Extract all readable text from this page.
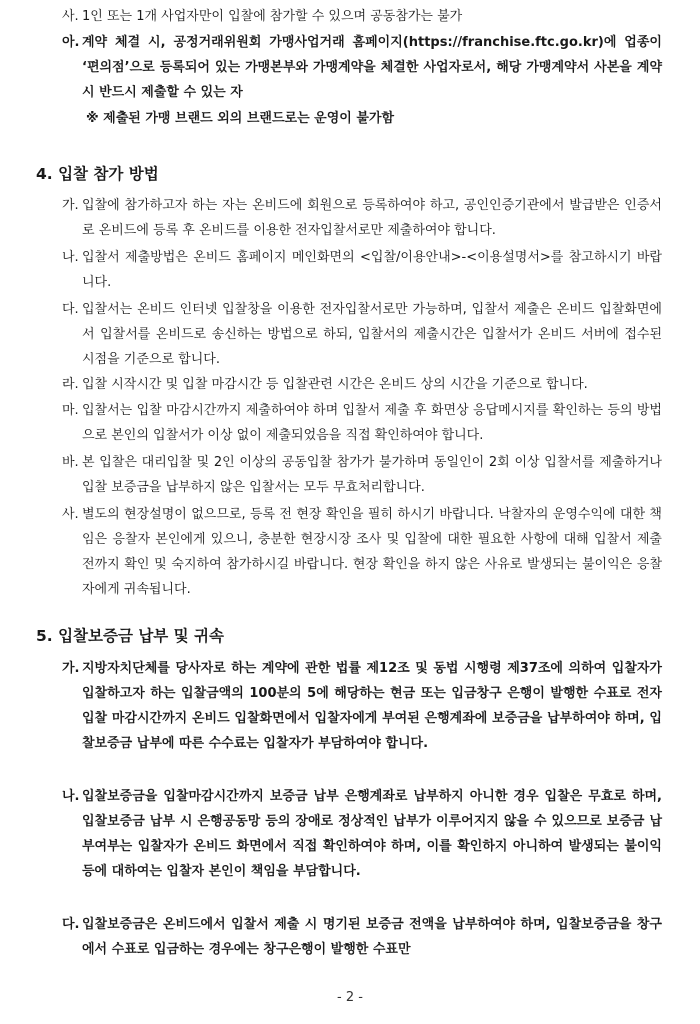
사. 1인 또는 1개 사업자만이 입찰에 참가할 수 있으며 공동참가는 불가
아. 계약 체결 시, 공정거래위원회 가맹사업거래 홈페이지(https://franchise.ftc.go.kr)에 업종이 ‘편의점’으로 등록되어 있는 가맹본부와 가맹계약을 체결한 사업자로서, 해당 가맹계약서 사본을 계약 시 반드시 제출할 수 있는 자
※ 제출된 가맹 브랜드 외의 브랜드로는 운영이 불가함
4. 입찰 참가 방법
가. 입찰에 참가하고자 하는 자는 온비드에 회원으로 등록하여야 하고, 공인인증기관에서 발급받은 인증서로 온비드에 등록 후 온비드를 이용한 전자입찰서로만 제출하여야 합니다.
나. 입찰서 제출방법은 온비드 홈페이지 메인화면의 <입찰/이용안내>-<이용설명서>를 참고하시기 바랍니다.
다. 입찰서는 온비드 인터넷 입찰창을 이용한 전자입찰서로만 가능하며, 입찰서 제출은 온비드 입찰화면에서 입찰서를 온비드로 송신하는 방법으로 하되, 입찰서의 제출시간은 입찰서가 온비드 서버에 접수된 시점을 기준으로 합니다.
라. 입찰 시작시간 및 입찰 마감시간 등 입찰관련 시간은 온비드 상의 시간을 기준으로 합니다.
마. 입찰서는 입찰 마감시간까지 제출하여야 하며 입찰서 제출 후 화면상 응답메시지를 확인하는 등의 방법으로 본인의 입찰서가 이상 없이 제출되었음을 직접 확인하여야 합니다.
바. 본 입찰은 대리입찰 및 2인 이상의 공동입찰 참가가 불가하며 동일인이 2회 이상 입찰서를 제출하거나 입찰 보증금을 납부하지 않은 입찰서는 모두 무효처리합니다.
사. 별도의 현장설명이 없으므로, 등록 전 현장 확인을 필히 하시기 바랍니다. 낙찰자의 운영수익에 대한 책임은 응찰자 본인에게 있으니, 충분한 현장시장 조사 및 입찰에 대한 필요한 사항에 대해 입찰서 제출 전까지 확인 및 숙지하여 참가하시길 바랍니다. 현장 확인을 하지 않은 사유로 발생되는 불이익은 응찰자에게 귀속됩니다.
5. 입찰보증금 납부 및 귀속
가. 지방자치단체를 당사자로 하는 계약에 관한 법률 제12조 및 동법 시행령 제37조에 의하여 입찰자가 입찰하고자 하는 입찰금액의 100분의 5에 해당하는 현금 또는 입금창구 은행이 발행한 수표로 전자입찰 마감시간까지 온비드 입찰화면에서 입찰자에게 부여된 은행계좌에 보증금을 납부하여야 하며, 입찰보증금 납부에 따른 수수료는 입찰자가 부담하여야 합니다.
나. 입찰보증금을 입찰마감시간까지 보증금 납부 은행계좌로 납부하지 아니한 경우 입찰은 무효로 하며, 입찰보증금 납부 시 은행공동망 등의 장애로 정상적인 납부가 이루어지지 않을 수 있으므로 보증금 납부여부는 입찰자가 온비드 화면에서 직접 확인하여야 하며, 이를 확인하지 아니하여 발생되는 불이익 등에 대하여는 입찰자 본인이 책임을 부담합니다.
다. 입찰보증금은 온비드에서 입찰서 제출 시 명기된 보증금 전액을 납부하여야 하며, 입찰보증금을 창구에서 수표로 입금하는 경우에는 창구은행이 발행한 수표만
- 2 -
